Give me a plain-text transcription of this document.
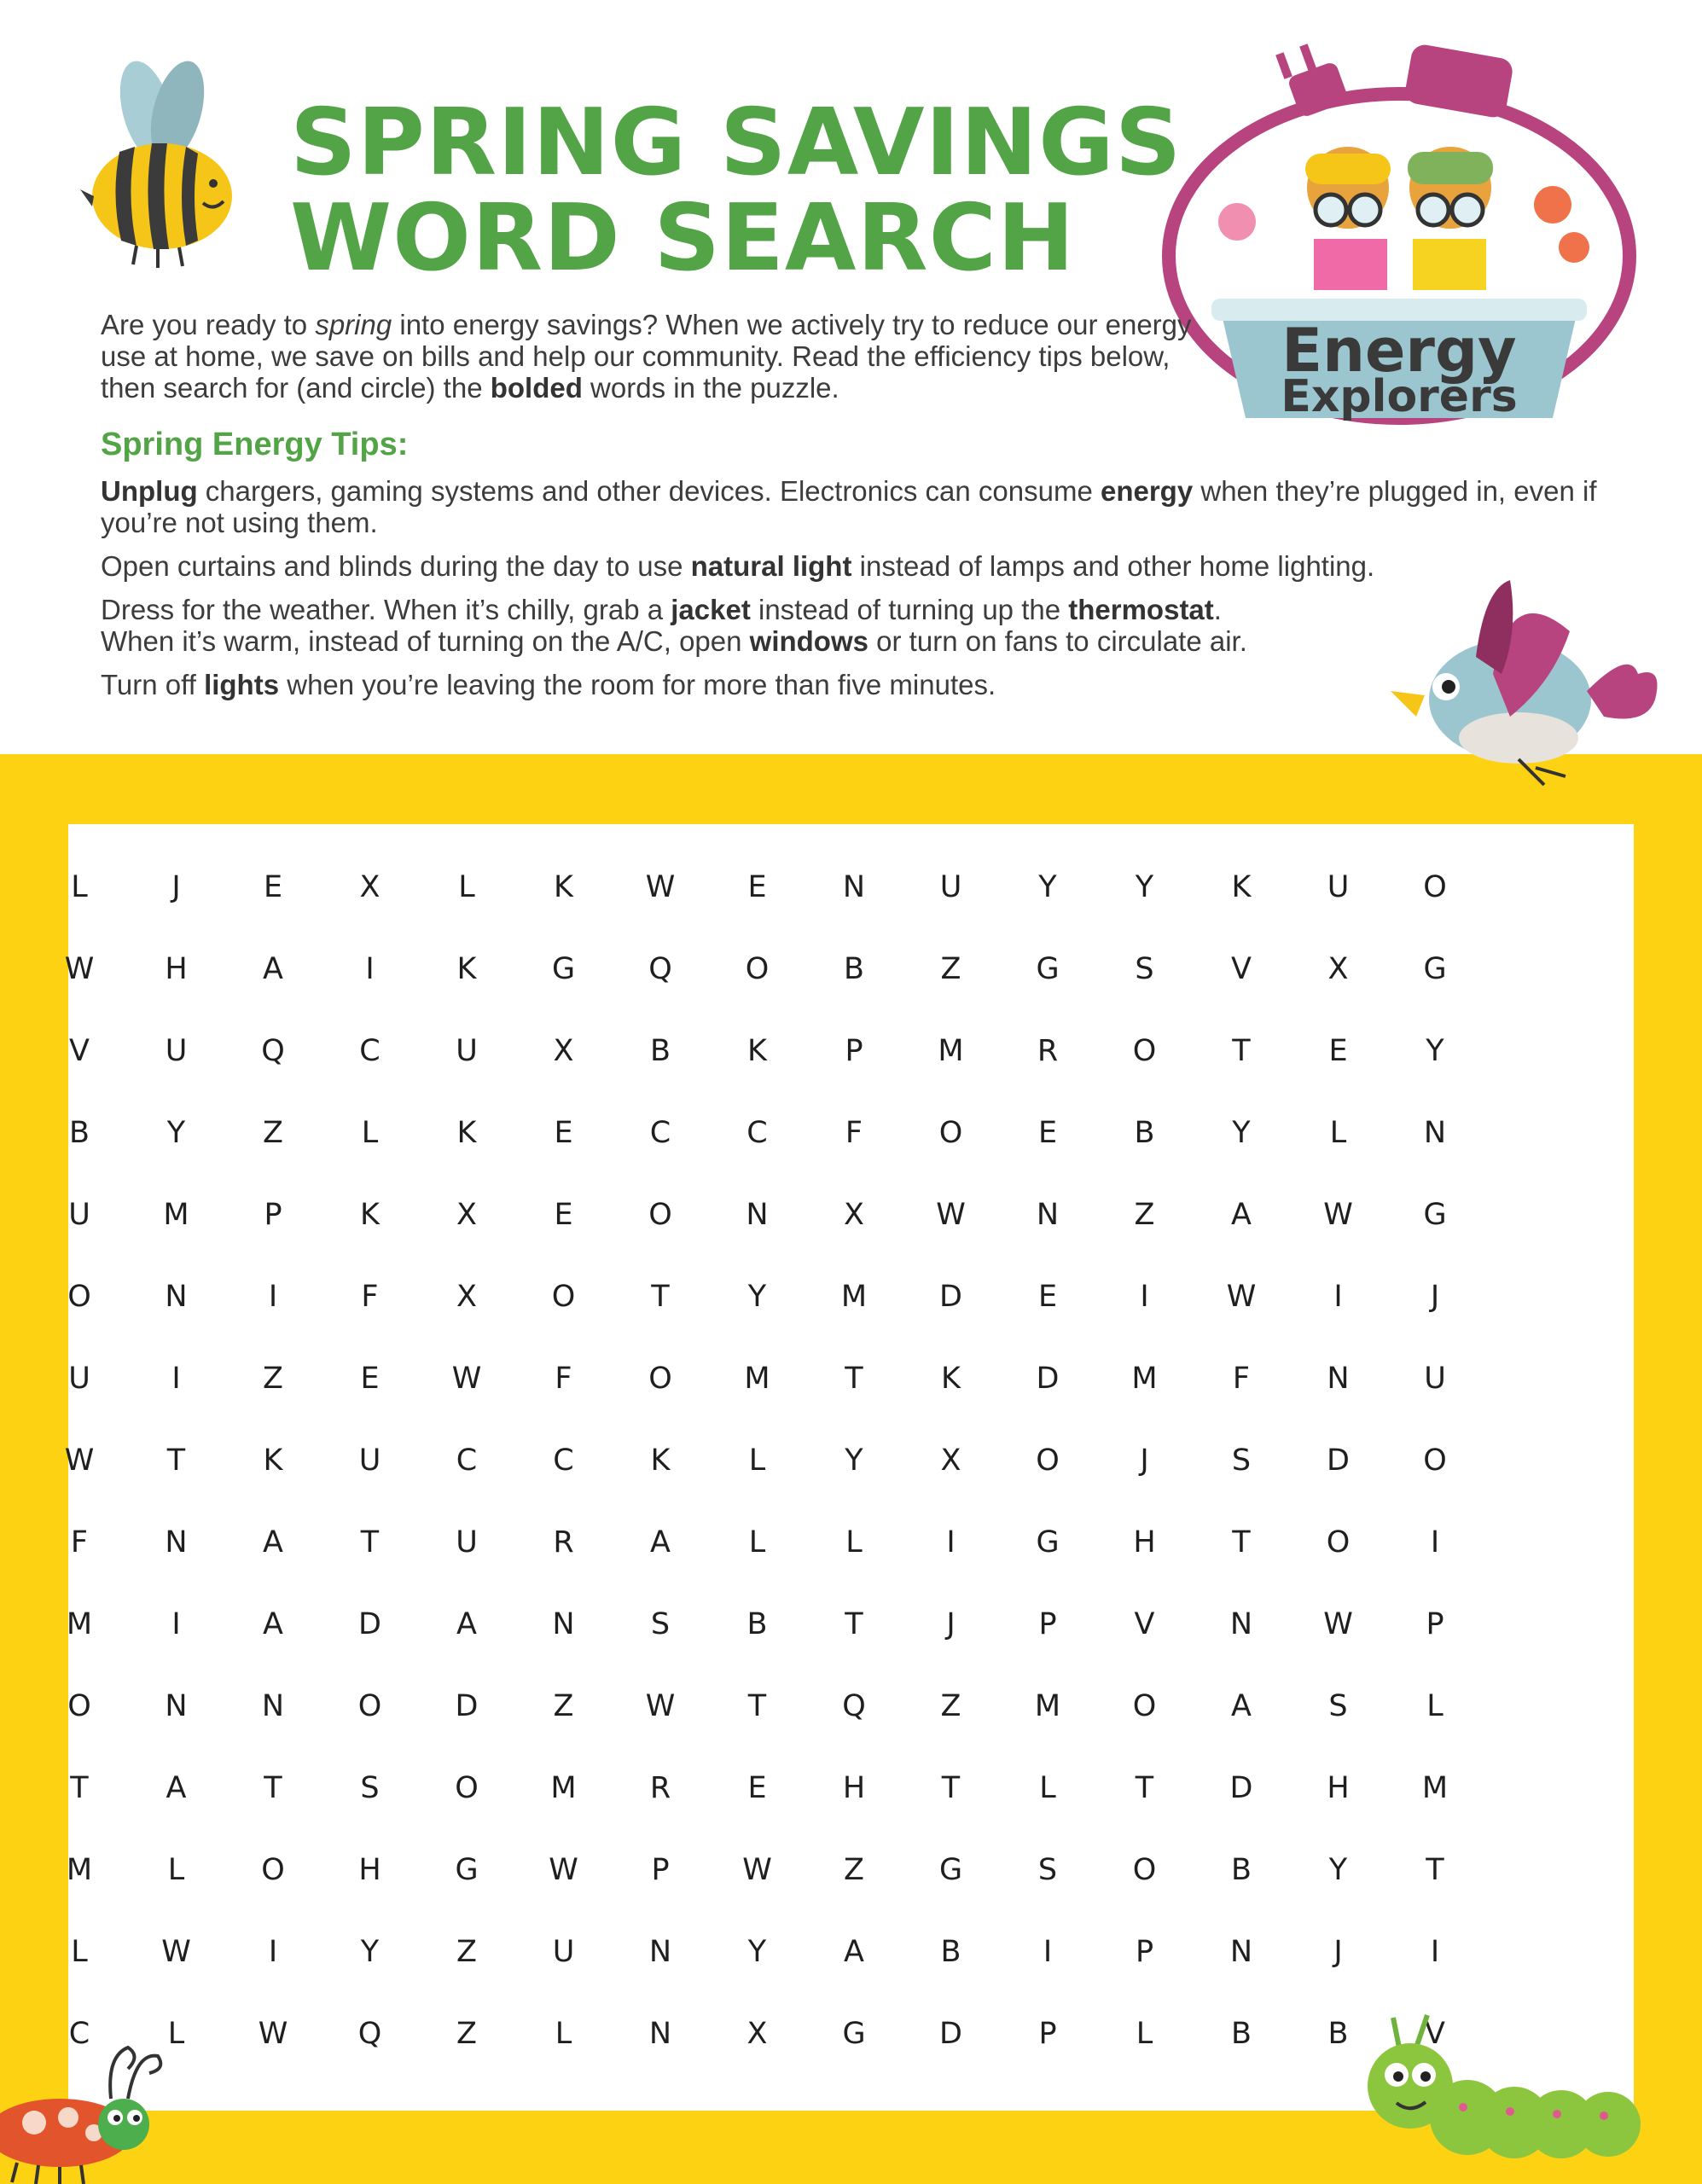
SPRING SAVINGS
WORD SEARCH
Energy
Explorers

Are you ready to spring into energy savings? When we actively try to reduce our energy use at home, we save on bills and help our community. Read the efficiency tips below, then search for (and circle) the bolded words in the puzzle.

Spring Energy Tips:

Unplug chargers, gaming systems and other devices. Electronics can consume energy when they’re plugged in, even if you’re not using them.

Open curtains and blinds during the day to use natural light instead of lamps and other home lighting.

Dress for the weather. When it’s chilly, grab a jacket instead of turning up the thermostat.
When it’s warm, instead of turning on the A/C, open windows or turn on fans to circulate air.

Turn off lights when you’re leaving the room for more than five minutes.

L	J	E	X	L	K	W	E	N	U	Y	Y	K	U	O
W	H	A	I	K	G	Q	O	B	Z	G	S	V	X	G
V	U	Q	C	U	X	B	K	P	M	R	O	T	E	Y
B	Y	Z	L	K	E	C	C	F	O	E	B	Y	L	N
U	M	P	K	X	E	O	N	X	W	N	Z	A	W	G
O	N	I	F	X	O	T	Y	M	D	E	I	W	I	J
U	I	Z	E	W	F	O	M	T	K	D	M	F	N	U
W	T	K	U	C	C	K	L	Y	X	O	J	S	D	O
F	N	A	T	U	R	A	L	L	I	G	H	T	O	I
M	I	A	D	A	N	S	B	T	J	P	V	N	W	P
O	N	N	O	D	Z	W	T	Q	Z	M	O	A	S	L
T	A	T	S	O	M	R	E	H	T	L	T	D	H	M
M	L	O	H	G	W	P	W	Z	G	S	O	B	Y	T
L	W	I	Y	Z	U	N	Y	A	B	I	P	N	J	I
C	L	W	Q	Z	L	N	X	G	D	P	L	B	B	V
